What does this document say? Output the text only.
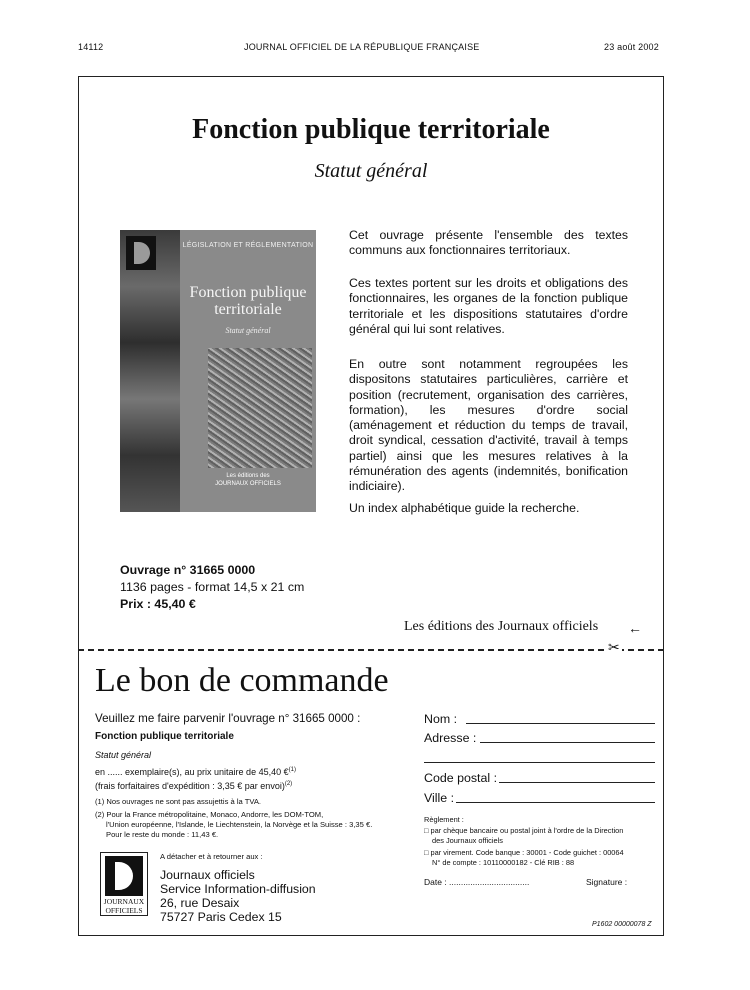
14112	JOURNAL OFFICIEL DE LA RÉPUBLIQUE FRANÇAISE	23 août 2002
Fonction publique territoriale
Statut général
LÉGISLATION ET RÉGLEMENTATION
Fonction publique territoriale
Statut général
Les éditions des
JOURNAUX OFFICIELS
Cet ouvrage présente l'ensemble des textes communs aux fonctionnaires territoriaux.
Ces textes portent sur les droits et obligations des fonctionnaires, les organes de la fonction publique territoriale et les dispositions statutaires d'ordre général qui lui sont relatives.
En outre sont notamment regroupées les dispositons statutaires particulières, carrière et position (recrutement, organisation des carrières, formation), les mesures d'ordre social (aménagement et réduction du temps de travail, droit syndical, cessation d'activité, travail à temps partiel) ainsi que les mesures relatives à la rémunération des agents (indemnités, bonification indiciaire).
Un index alphabétique guide la recherche.
Ouvrage n° 31665 0000
1136 pages - format 14,5 x 21 cm
Prix : 45,40 €
Les éditions des Journaux officiels ←
✂
Le bon de commande
Veuillez me faire parvenir l'ouvrage n° 31665 0000 :
Fonction publique territoriale
Statut général
en ...... exemplaire(s), au prix unitaire de 45,40 €$^{(1)}$
(frais forfaitaires d'expédition : 3,35 € par envoi)$^{(2)}$
(1) Nos ouvrages ne sont pas assujettis à la TVA.
(2) Pour la France métropolitaine, Monaco, Andorre, les DOM-TOM,
l'Union européenne, l'Islande, le Liechtenstein, la Norvège et la Suisse : 3,35 €.
Pour le reste du monde : 11,43 €.
A détacher et à retourner aux :
JOURNAUX
OFFICIELS
Journaux officiels
Service Information-diffusion
26, rue Desaix
75727 Paris Cedex 15
Nom :
Adresse :
Code postal :
Ville :
Règlement :
□ par chèque bancaire ou postal joint à l'ordre de la Direction
des Journaux officiels
□ par virement. Code banque : 30001 - Code guichet : 00064
N° de compte : 10110000182 - Clé RIB : 88
Date : ..................................	Signature :
P1602 00000078 Z
